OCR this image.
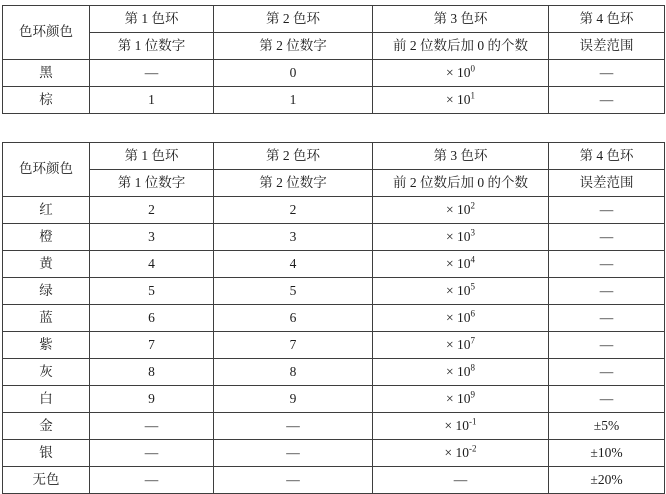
色环颜色	第 1 色环	第 2 色环	第 3 色环	第 4 色环
	第 1 位数字	第 2 位数字	前 2 位数后加 0 的个数	误差范围
黑	—	0	× $10^0$	—
棕	1	1	× $10^1$	—
色环颜色	第 1 色环	第 2 色环	第 3 色环	第 4 色环
	第 1 位数字	第 2 位数字	前 2 位数后加 0 的个数	误差范围
红	2	2	× $10^2$	—
橙	3	3	× $10^3$	—
黄	4	4	× $10^4$	—
绿	5	5	× $10^5$	—
蓝	6	6	× $10^6$	—
紫	7	7	× $10^7$	—
灰	8	8	× $10^8$	—
白	9	9	× $10^9$	—
金	—	—	× $10^{-1}$	±5%
银	—	—	× $10^{-2}$	±10%
无色	—	—	—	±20%
